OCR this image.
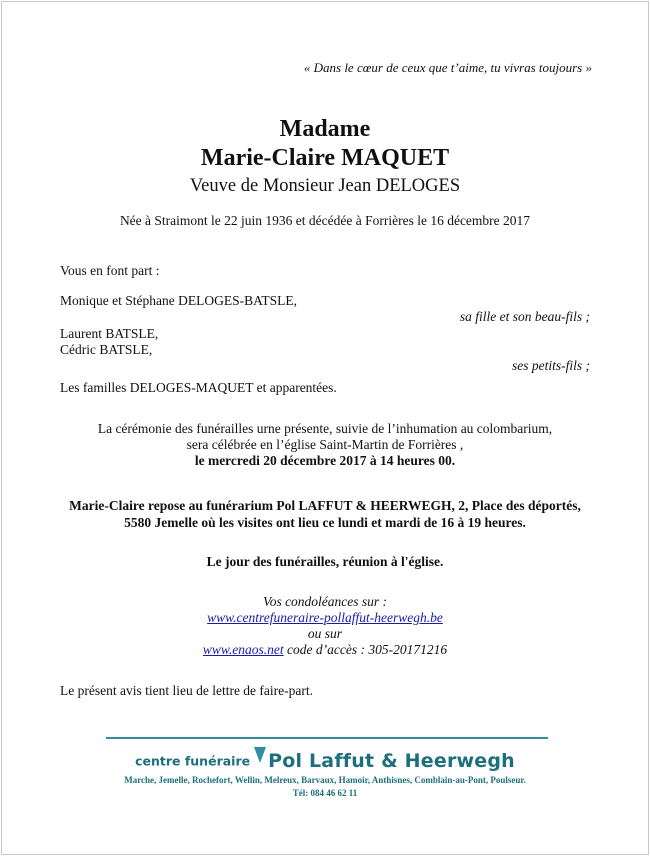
« Dans le cœur de ceux que t’aime, tu vivras toujours »
Madame
Marie-Claire MAQUET
Veuve de Monsieur Jean DELOGES
Née à Straimont le 22 juin 1936 et décédée à Forrières le 16 décembre 2017
Vous en font part :
Monique et Stéphane DELOGES-BATSLE,
sa fille et son beau-fils ;
Laurent BATSLE,
Cédric BATSLE,
ses petits-fils ;
Les familles DELOGES-MAQUET et apparentées.
La cérémonie des funérailles urne présente, suivie de l’inhumation au colombarium,
sera célébrée en l’église Saint-Martin de Forrières ,
le mercredi 20 décembre 2017 à 14 heures 00.
Marie-Claire repose au funérarium Pol LAFFUT & HEERWEGH, 2, Place des déportés,
5580 Jemelle où les visites ont lieu ce lundi et mardi de 16 à 19 heures.
Le jour des funérailles, réunion à l'église.
Vos condoléances sur :
www.centrefuneraire-pollaffut-heerwegh.be
ou sur
www.enaos.net code d’accès : 305-20171216
Le présent avis tient lieu de lettre de faire-part.
centre funéraire Pol Laffut & Heerwegh
Marche, Jemelle, Rochefort, Wellin, Melreux, Barvaux, Hamoir, Anthisnes, Comblain-au-Pont, Poulseur.
Tél: 084 46 62 11
